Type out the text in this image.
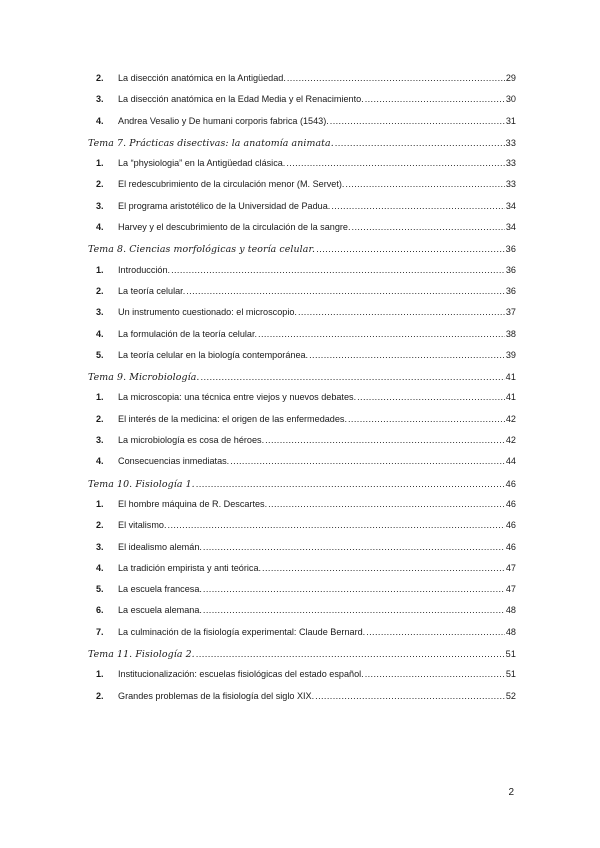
2.	La disección anatómica en la Antigüedad. .....	29
3.	La disección anatómica en la Edad Media y el Renacimiento. .....	30
4.	Andrea Vesalio y De humani corporis fabrica (1543). .....	31
Tema 7. Prácticas disectivas: la anatomía animata. .....	33
1.	La “physiologia” en la Antigüedad clásica. .....	33
2.	El redescubrimiento de la circulación menor (M. Servet). .....	33
3.	El programa aristotélico de la Universidad de Padua. .....	34
4.	Harvey y el descubrimiento de la circulación de la sangre. .....	34
Tema 8. Ciencias morfológicas y teoría celular. .....	36
1.	Introducción. .....	36
2.	La teoría celular. .....	36
3.	Un instrumento cuestionado: el microscopio. .....	37
4.	La formulación de la teoría celular. .....	38
5.	La teoría celular en la biología contemporánea. .....	39
Tema 9. Microbiología. .....	41
1.	La microscopia: una técnica entre viejos y nuevos debates. .....	41
2.	El interés de la medicina: el origen de las enfermedades. .....	42
3.	La microbiología es cosa de héroes. .....	42
4.	Consecuencias inmediatas. .....	44
Tema 10. Fisiología 1. .....	46
1.	El hombre máquina de R. Descartes. .....	46
2.	El vitalismo. .....	46
3.	El idealismo alemán. .....	46
4.	La tradición empirista y anti teórica. .....	47
5.	La escuela francesa. .....	47
6.	La escuela alemana. .....	48
7.	La culminación de la fisiología experimental: Claude Bernard. .....	48
Tema 11. Fisiología 2. .....	51
1.	Institucionalización: escuelas fisiológicas del estado español. .....	51
2.	Grandes problemas de la fisiología del siglo XIX. .....	52
2
